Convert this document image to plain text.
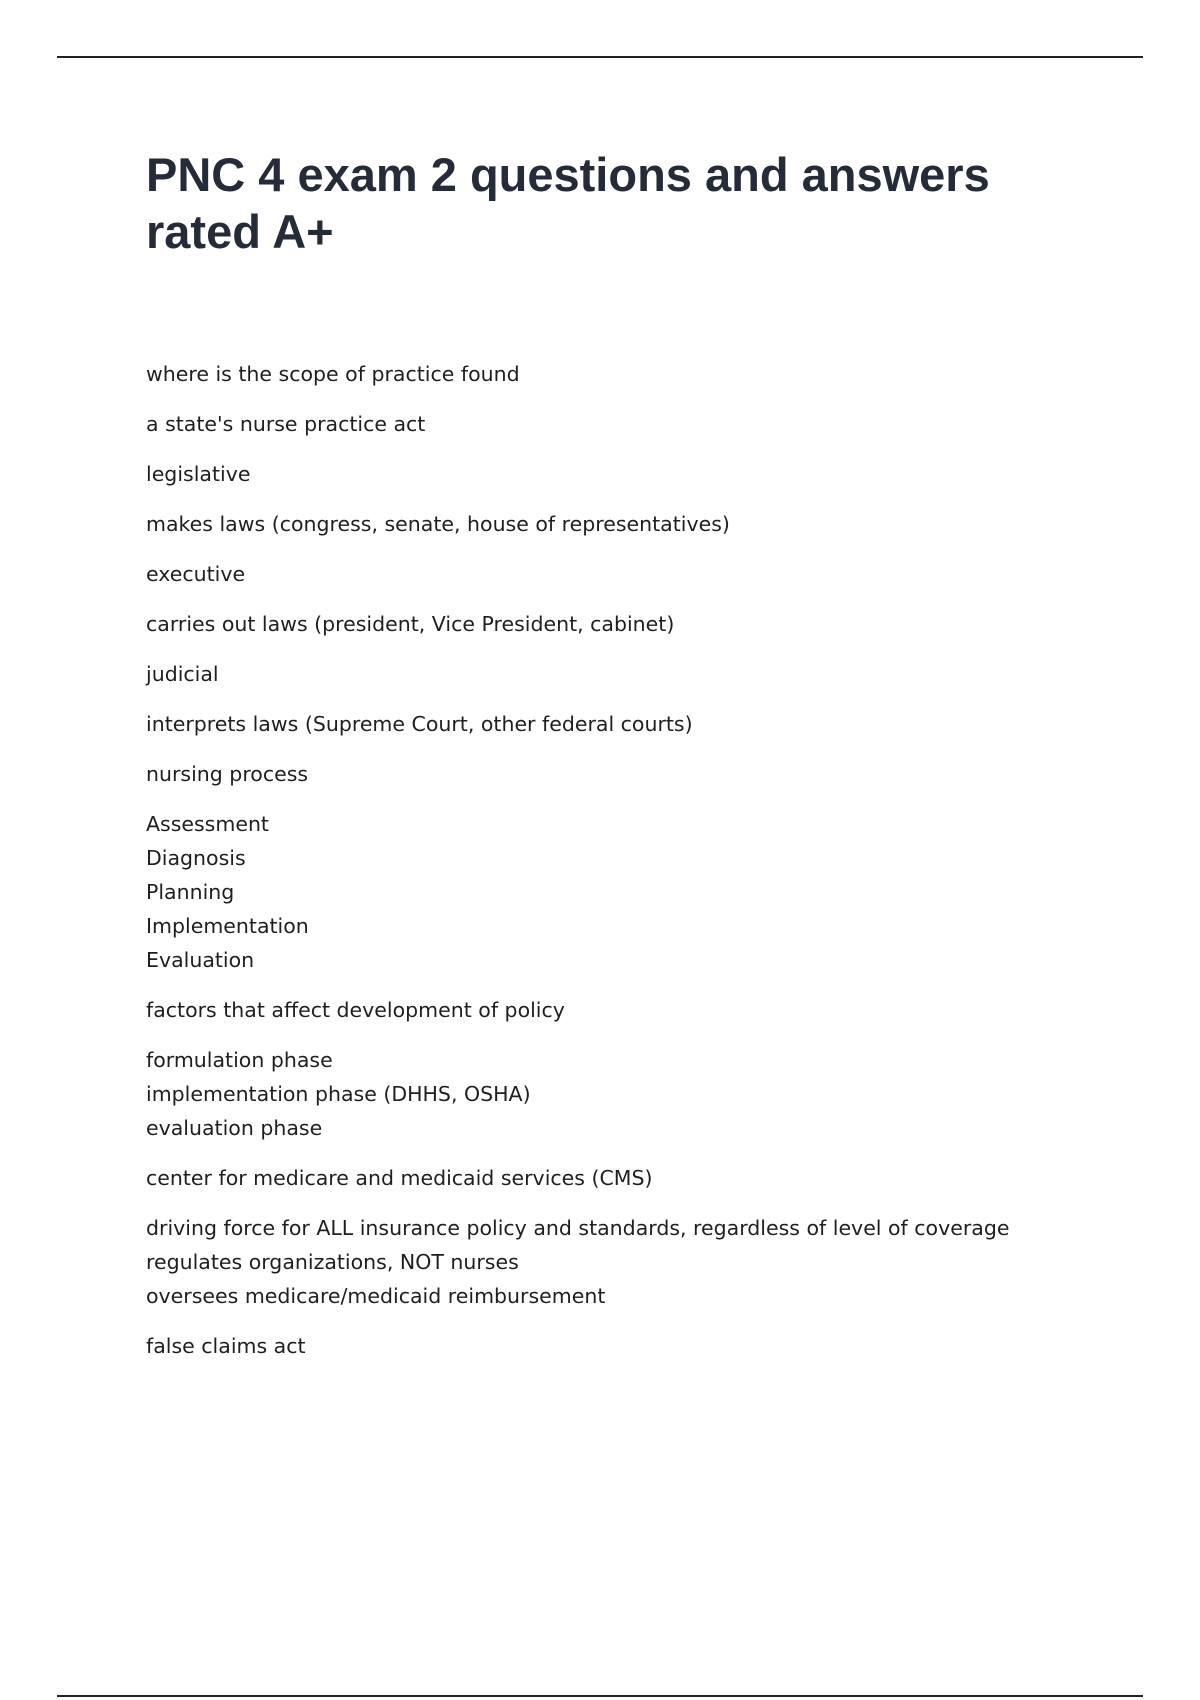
PNC 4 exam 2 questions and answers rated A+
where is the scope of practice found
a state's nurse practice act
legislative
makes laws (congress, senate, house of representatives)
executive
carries out laws (president, Vice President, cabinet)
judicial
interprets laws (Supreme Court, other federal courts)
nursing process
Assessment
Diagnosis
Planning
Implementation
Evaluation
factors that affect development of policy
formulation phase
implementation phase (DHHS, OSHA)
evaluation phase
center for medicare and medicaid services (CMS)
driving force for ALL insurance policy and standards, regardless of level of coverage
regulates organizations, NOT nurses
oversees medicare/medicaid reimbursement
false claims act
